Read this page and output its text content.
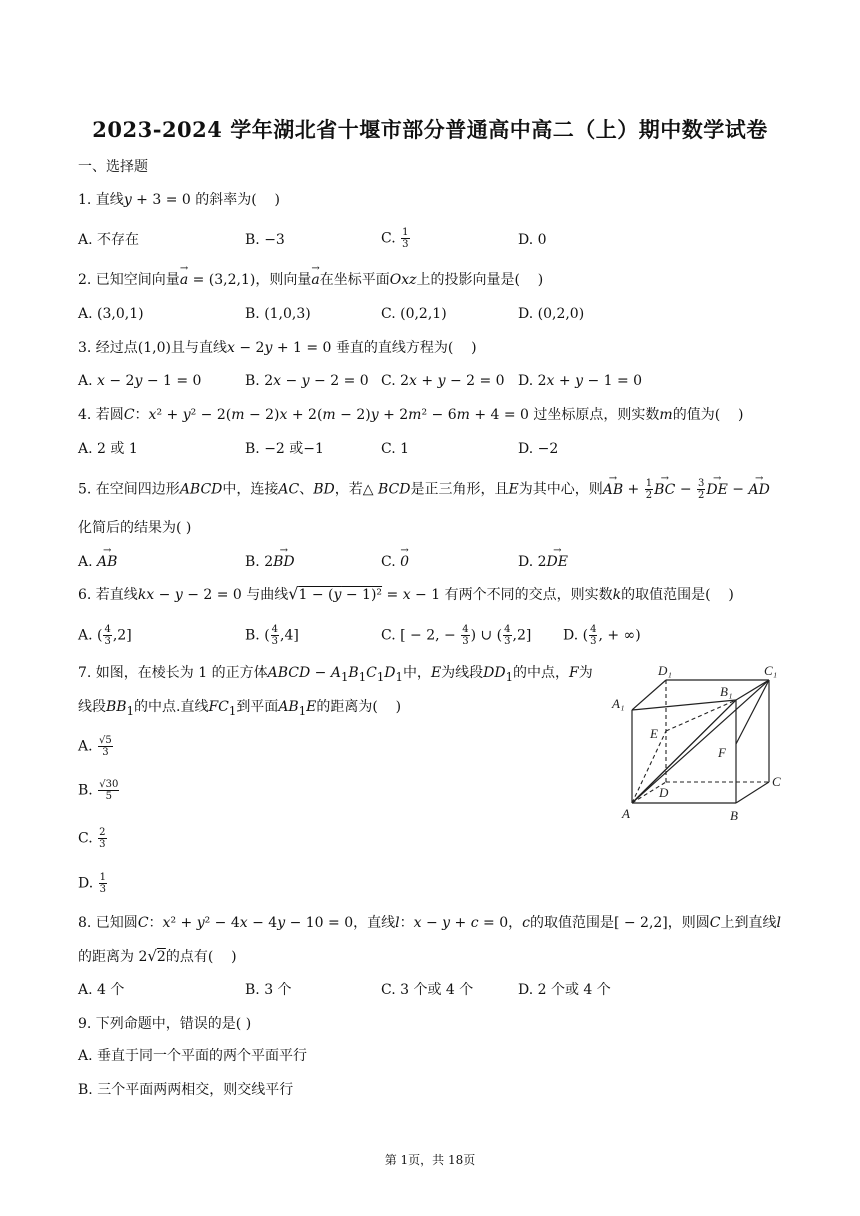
2023-2024 学年湖北省十堰市部分普通高中高二（上）期中数学试卷
一、选择题
1. 直线y + 3 = 0 的斜率为(    )
A. 不存在	B. −3	C. $\frac{1}{3}$	D. 0
2. 已知空间向量→ a = (3,2,1)，则向量→ a在坐标平面Oxz上的投影向量是(    )
A. (3,0,1)	B. (1,0,3)	C. (0,2,1)	D. (0,2,0)
3. 经过点(1,0)且与直线x − 2y + 1 = 0 垂直的直线方程为(    )
A. x − 2y − 1 = 0	B. 2x − y − 2 = 0 C. 2x + y − 2 = 0 D. 2x + y − 1 = 0
4. 若圆C：x² + y² − 2(m − 2)x + 2(m − 2)y + 2m² − 6m + 4 = 0 过坐标原点，则实数m的值为(    )
A. 2 或 1	B. −2 或−1	C. 1	D. −2
5. 在空间四边形ABCD中，连接AC、BD，若△ BCD是正三角形，且E为其中心，则→ AB + $\frac{1}{2}$ → BC − $\frac{3}{2}$ → DE − → AD
化简后的结果为( )
A. → AB	B. 2→ BD	C. → 0	D. 2→ DE
6. 若直线kx − y − 2 = 0 与曲线√1 − (y − 1)² = x − 1 有两个不同的交点，则实数k的取值范围是(    )
A. ( $\frac{4}{3} ,2$]	B. ( $\frac{4}{3} ,4$]	C. [ − 2, − $\frac{4}{3}$ ) ∪ ( $\frac{4}{3} ,2$] D. ( $\frac{4}{3}$ , + ∞)
7. 如图，在棱长为 1 的正方体ABCD − $A_1B_1C_1D_1$中，E为线段$DD_1$的中点，F为
线段$BB_1$的中点.直线$FC_1$到平面$AB_1E$的距离为(    )
A. $\frac{√5}{3}$
B. $\frac{√30}{5}$
C. $\frac{2}{3}$
D. $\frac{1}{3}$
D₁	C₁
B₁
A₁
E
F
C
D
A	B
8. 已知圆C：x² + y² − 4x − 4y − 10 = 0，直线l：x − y + c = 0，c的取值范围是[ − 2,2]，则圆C上到直线l
的距离为 2√2的点有(    )
A. 4 个	B. 3 个	C. 3 个或 4 个	D. 2 个或 4 个
9. 下列命题中，错误的是( )
A. 垂直于同一个平面的两个平面平行
B. 三个平面两两相交，则交线平行
第 1页，共 18页
